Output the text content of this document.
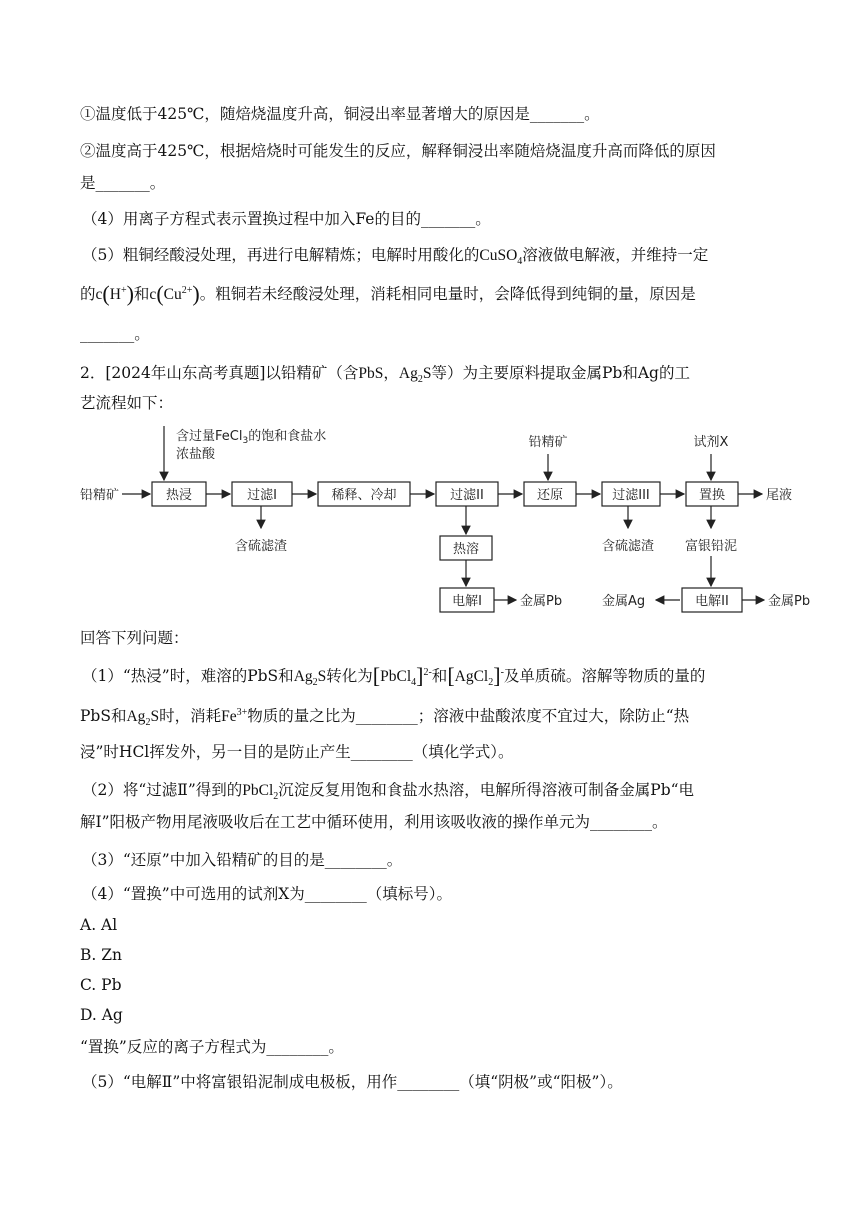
①温度低于425℃，随焙烧温度升高，铜浸出率显著增大的原因是_______。
②温度高于425℃，根据焙烧时可能发生的反应，解释铜浸出率随焙烧温度升高而降低的原因
是_______。
（4）用离子方程式表示置换过程中加入Fe的目的_______。
（5）粗铜经酸浸处理，再进行电解精炼；电解时用酸化的CuSO$_4$溶液做电解液，并维持一定
的c(H+)和$c(Cu^{2+})$。粗铜若未经酸浸处理，消耗相同电量时，会降低得到纯铜的量，原因是
_______。
2．[2024年山东高考真题]以铅精矿（含PbS，$Ag_2S$等）为主要原料提取金属Pb和Ag的工
艺流程如下：
含过量FeCl$_3$的饱和食盐水
浓盐酸
铅精矿	热浸	过滤I	稀释、冷却	过滤II	还原	过滤III	置换	尾液
含硫滤渣	含硫滤渣
铅精矿	试剂X
热溶
电解I	金属Pb
富银铅泥
电解II
金属Ag	金属Pb
回答下列问题：
（1）“热浸”时，难溶的PbS和$Ag_2S$转化为[PbCl$_4$]$^{2-}$和[AgCl$_2$]-及单质硫。溶解等物质的量的
PbS和$Ag_2S$时，消耗$Fe^{3+}$物质的量之比为________；溶液中盐酸浓度不宜过大，除防止“热
浸”时HCl挥发外，另一目的是防止产生________（填化学式）。
（2）将“过滤Ⅱ”得到的PbCl$_2$沉淀反复用饱和食盐水热溶，电解所得溶液可制备金属Pb“电
解Ⅰ”阳极产物用尾液吸收后在工艺中循环使用，利用该吸收液的操作单元为________。
（3）“还原”中加入铅精矿的目的是________。
（4）“置换”中可选用的试剂X为________（填标号）。
A. Al
B. Zn
C. Pb
D. Ag
“置换”反应的离子方程式为________。
（5）“电解Ⅱ”中将富银铅泥制成电极板，用作________（填“阴极”或“阳极”）。
